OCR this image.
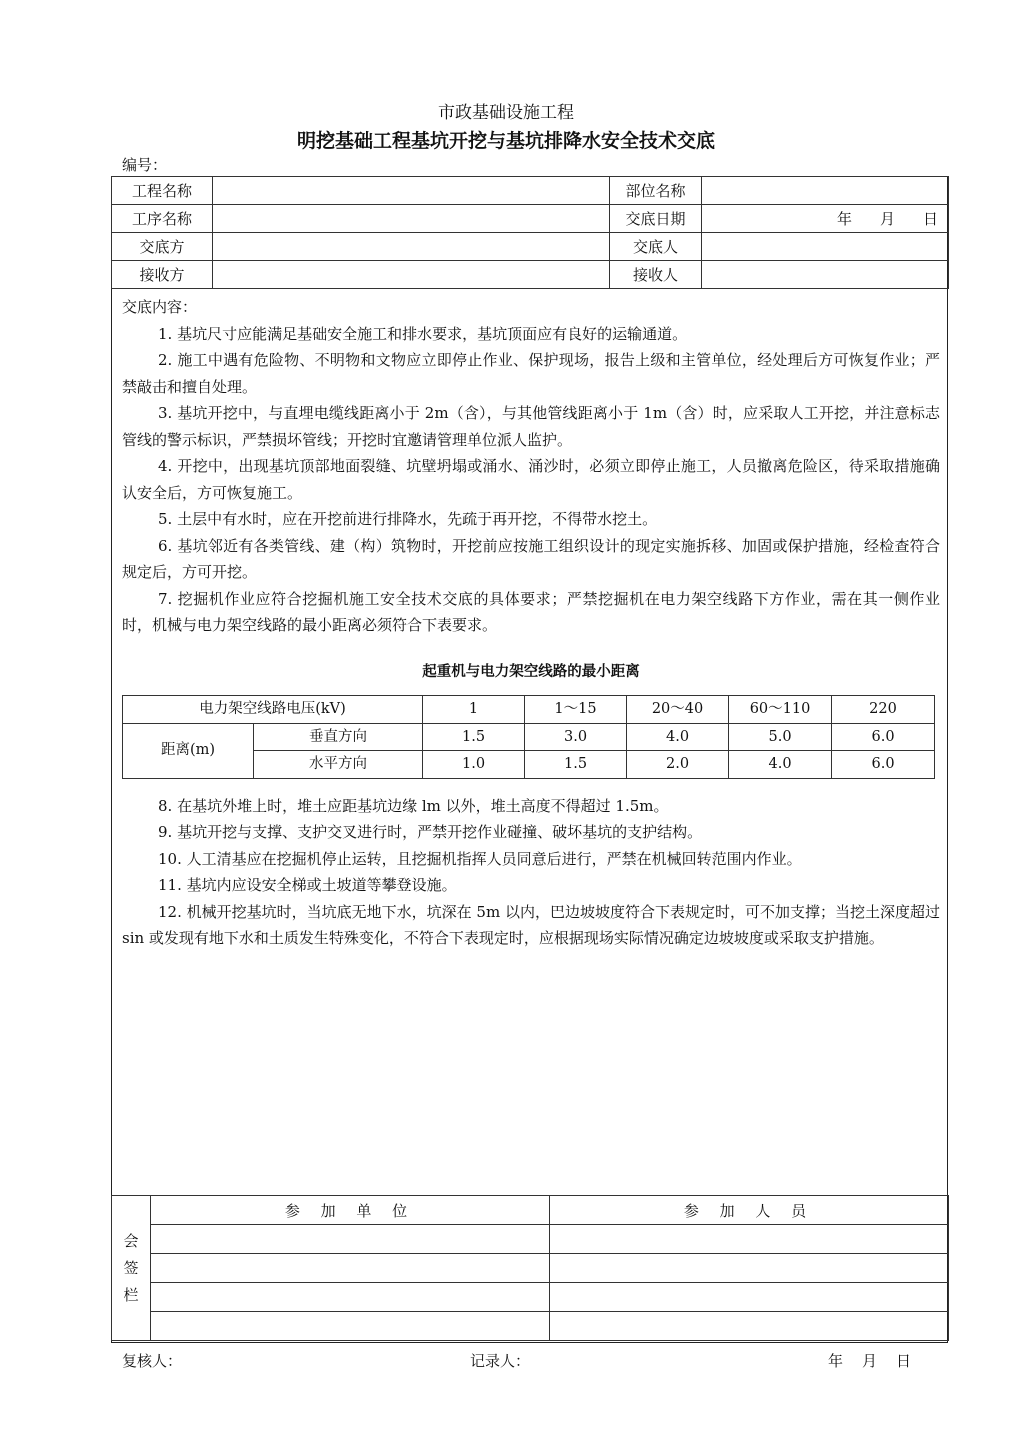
市政基础设施工程
明挖基础工程基坑开挖与基坑排降水安全技术交底
编号：
工程名称		部位名称	
工序名称		交底日期	年 月 日
交底方		交底人	
接收方		接收人	
交底内容：

1. 基坑尺寸应能满足基础安全施工和排水要求，基坑顶面应有良好的运输通道。

2. 施工中遇有危险物、不明物和文物应立即停止作业、保护现场，报告上级和主管单位，经处理后方可恢复作业；严禁敲击和擅自处理。

3. 基坑开挖中，与直埋电缆线距离小于 2m（含），与其他管线距离小于 1m（含）时，应采取人工开挖，并注意标志管线的警示标识，严禁损坏管线；开挖时宜邀请管理单位派人监护。

4. 开挖中，出现基坑顶部地面裂缝、坑壁坍塌或涌水、涌沙时，必须立即停止施工，人员撤离危险区，待采取措施确认安全后，方可恢复施工。

5. 土层中有水时，应在开挖前进行排降水，先疏于再开挖，不得带水挖土。

6. 基坑邻近有各类管线、建（构）筑物时，开挖前应按施工组织设计的现定实施拆移、加固或保护措施，经检查符合规定后，方可开挖。

7. 挖掘机作业应符合挖掘机施工安全技术交底的具体要求；严禁挖掘机在电力架空线路下方作业，需在其一侧作业时，机械与电力架空线路的最小距离必须符合下表要求。

起重机与电力架空线路的最小距离

电力架空线路电压(kV)		1	1～15	20～40	60～110	220
距离(m)	垂直方向	1.5	3.0	4.0	5.0	6.0
	水平方向	1.0	1.5	2.0	4.0	6.0

8. 在基坑外堆上时，堆土应距基坑边缘 lm 以外，堆土高度不得超过 1.5m。

9. 基坑开挖与支撑、支护交叉进行时，严禁开挖作业碰撞、破坏基坑的支护结构。

10. 人工清基应在挖掘机停止运转，且挖掘机指挥人员同意后进行，严禁在机械回转范围内作业。

11. 基坑内应设安全梯或土坡道等攀登设施。

12. 机械开挖基坑时，当坑底无地下水，坑深在 5m 以内，巴边坡坡度符合下表规定时，可不加支撑；当挖土深度超过 sin 或发现有地下水和土质发生特殊变化，不符合下表现定时，应根据现场实际情况确定边坡坡度或采取支护措施。

会
签
栏	参 加 单 位	参 加 人 员

复核人：	记录人：	年 月 日
